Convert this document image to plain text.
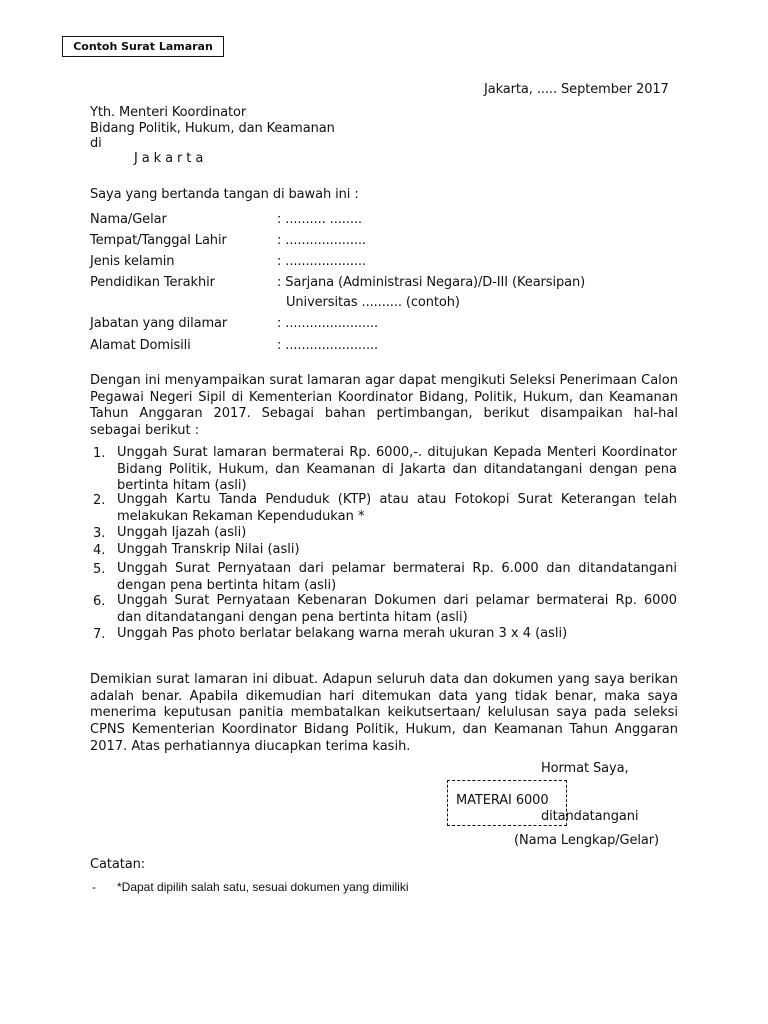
Contoh Surat Lamaran
Jakarta, ..... September 2017
Yth. Menteri Koordinator
Bidang Politik, Hukum, dan Keamanan
di
J a k a r t a
Saya yang bertanda tangan di bawah ini :
Nama/Gelar	: .......... ........
Tempat/Tanggal Lahir	: ....................
Jenis kelamin	: ....................
Pendidikan Terakhir	: Sarjana (Administrasi Negara)/D-III (Kearsipan)
Universitas .......... (contoh)
Jabatan yang dilamar	: .......................
Alamat Domisili	: .......................
Dengan ini menyampaikan surat lamaran agar dapat mengikuti Seleksi Penerimaan Calon
Pegawai Negeri Sipil di Kementerian Koordinator Bidang, Politik, Hukum, dan Keamanan
Tahun Anggaran 2017. Sebagai bahan pertimbangan, berikut disampaikan hal-hal
sebagai berikut :
1. Unggah Surat lamaran bermaterai Rp. 6000,-. ditujukan Kepada Menteri Koordinator
Bidang Politik, Hukum, dan Keamanan di Jakarta dan ditandatangani dengan pena
bertinta hitam (asli)
2. Unggah Kartu Tanda Penduduk (KTP) atau atau Fotokopi Surat Keterangan telah
melakukan Rekaman Kependudukan *
3. Unggah Ijazah (asli)
4. Unggah Transkrip Nilai (asli)
5. Unggah Surat Pernyataan dari pelamar bermaterai Rp. 6.000 dan ditandatangani
dengan pena bertinta hitam (asli)
6. Unggah Surat Pernyataan Kebenaran Dokumen dari pelamar bermaterai Rp. 6000
dan ditandatangani dengan pena bertinta hitam (asli)
7. Unggah Pas photo berlatar belakang warna merah ukuran 3 x 4 (asli)
Demikian surat lamaran ini dibuat. Adapun seluruh data dan dokumen yang saya berikan
adalah benar. Apabila dikemudian hari ditemukan data yang tidak benar, maka saya
menerima keputusan panitia membatalkan keikutsertaan/ kelulusan saya pada seleksi
CPNS Kementerian Koordinator Bidang Politik, Hukum, dan Keamanan Tahun Anggaran
2017. Atas perhatiannya diucapkan terima kasih.
Hormat Saya,
MATERAI 6000
ditandatangani
(Nama Lengkap/Gelar)
Catatan:
- *Dapat dipilih salah satu, sesuai dokumen yang dimiliki
